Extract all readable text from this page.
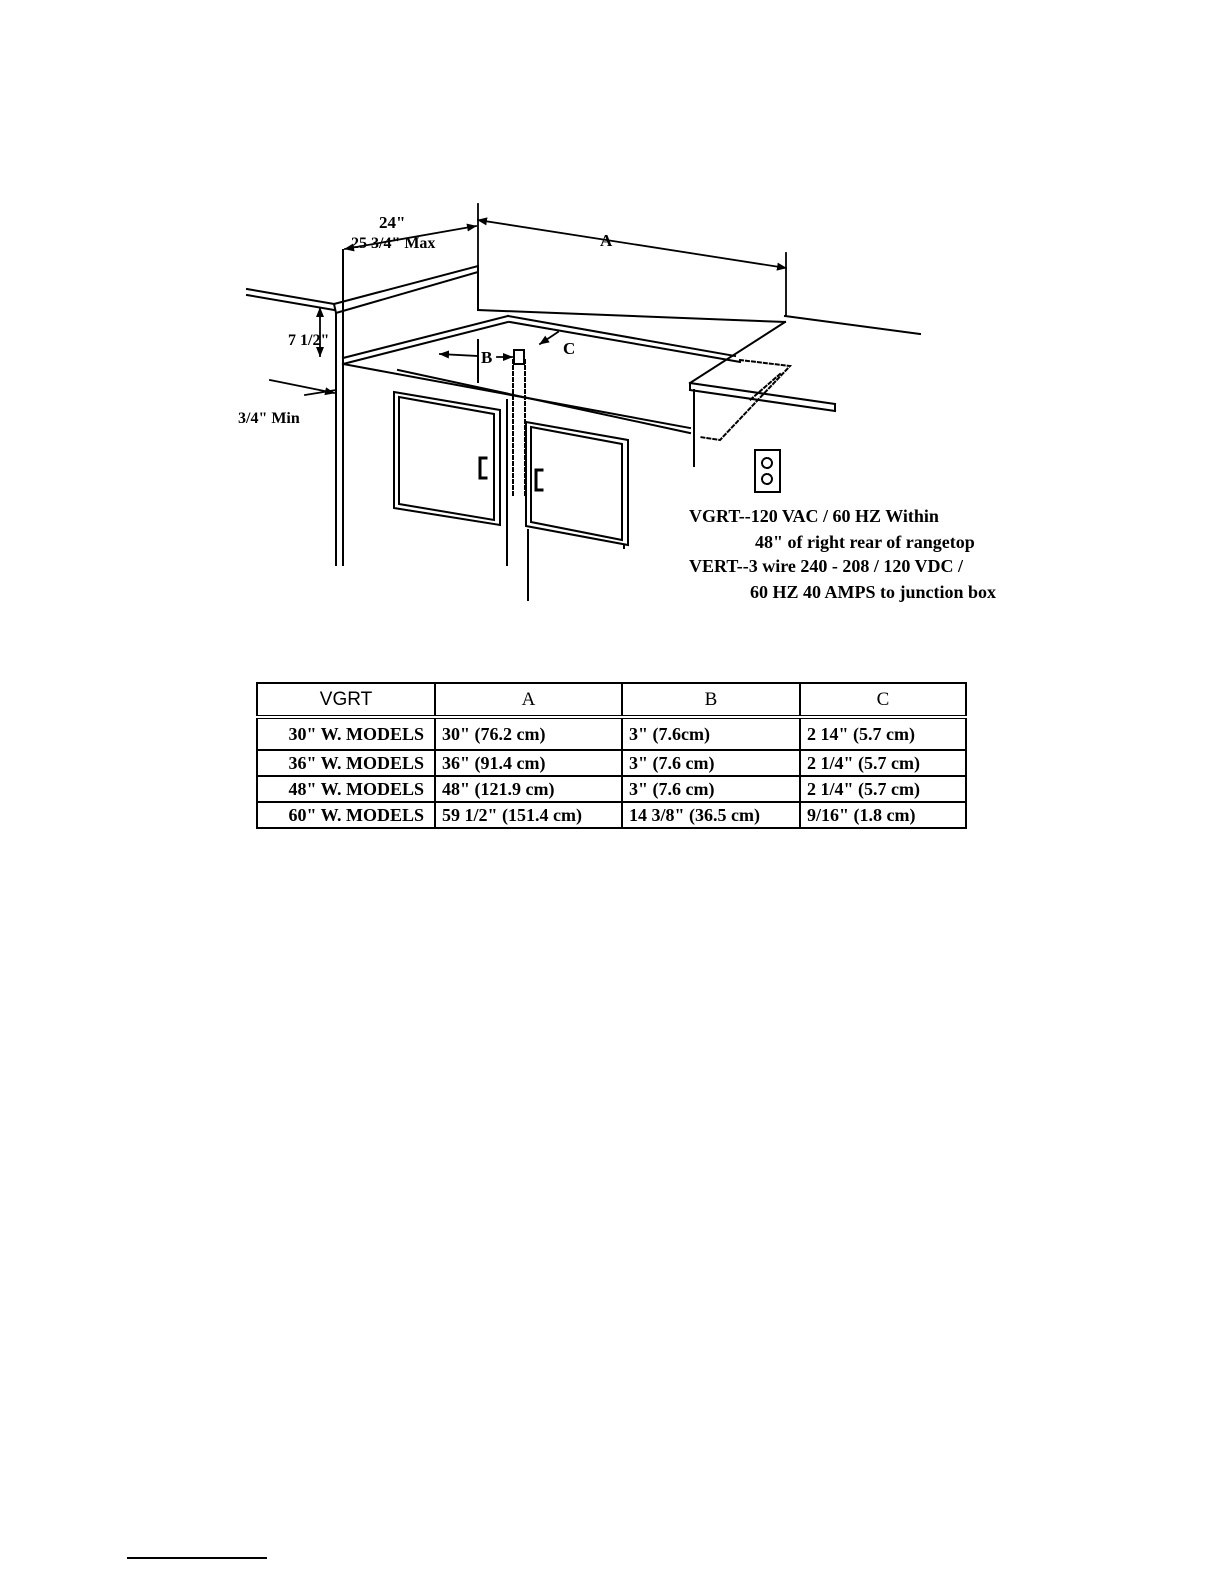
24"
25 3/4" Max	A
B	C
7 1/2"
3/4" Min
VGRT--120 VAC / 60 HZ Within
48" of right rear of rangetop
VERT--3 wire 240 - 208 / 120 VDC /
60 HZ 40 AMPS to junction box
VGRT	A	B	C
30" W. MODELS	30" (76.2 cm)	3" (7.6cm)	2 14" (5.7 cm)
36" W. MODELS	36" (91.4 cm)	3" (7.6 cm)	2 1/4" (5.7 cm)
48" W. MODELS	48" (121.9 cm)	3" (7.6 cm)	2 1/4" (5.7 cm)
60" W. MODELS	59 1/2" (151.4 cm)	14 3/8" (36.5 cm)	9/16" (1.8 cm)
